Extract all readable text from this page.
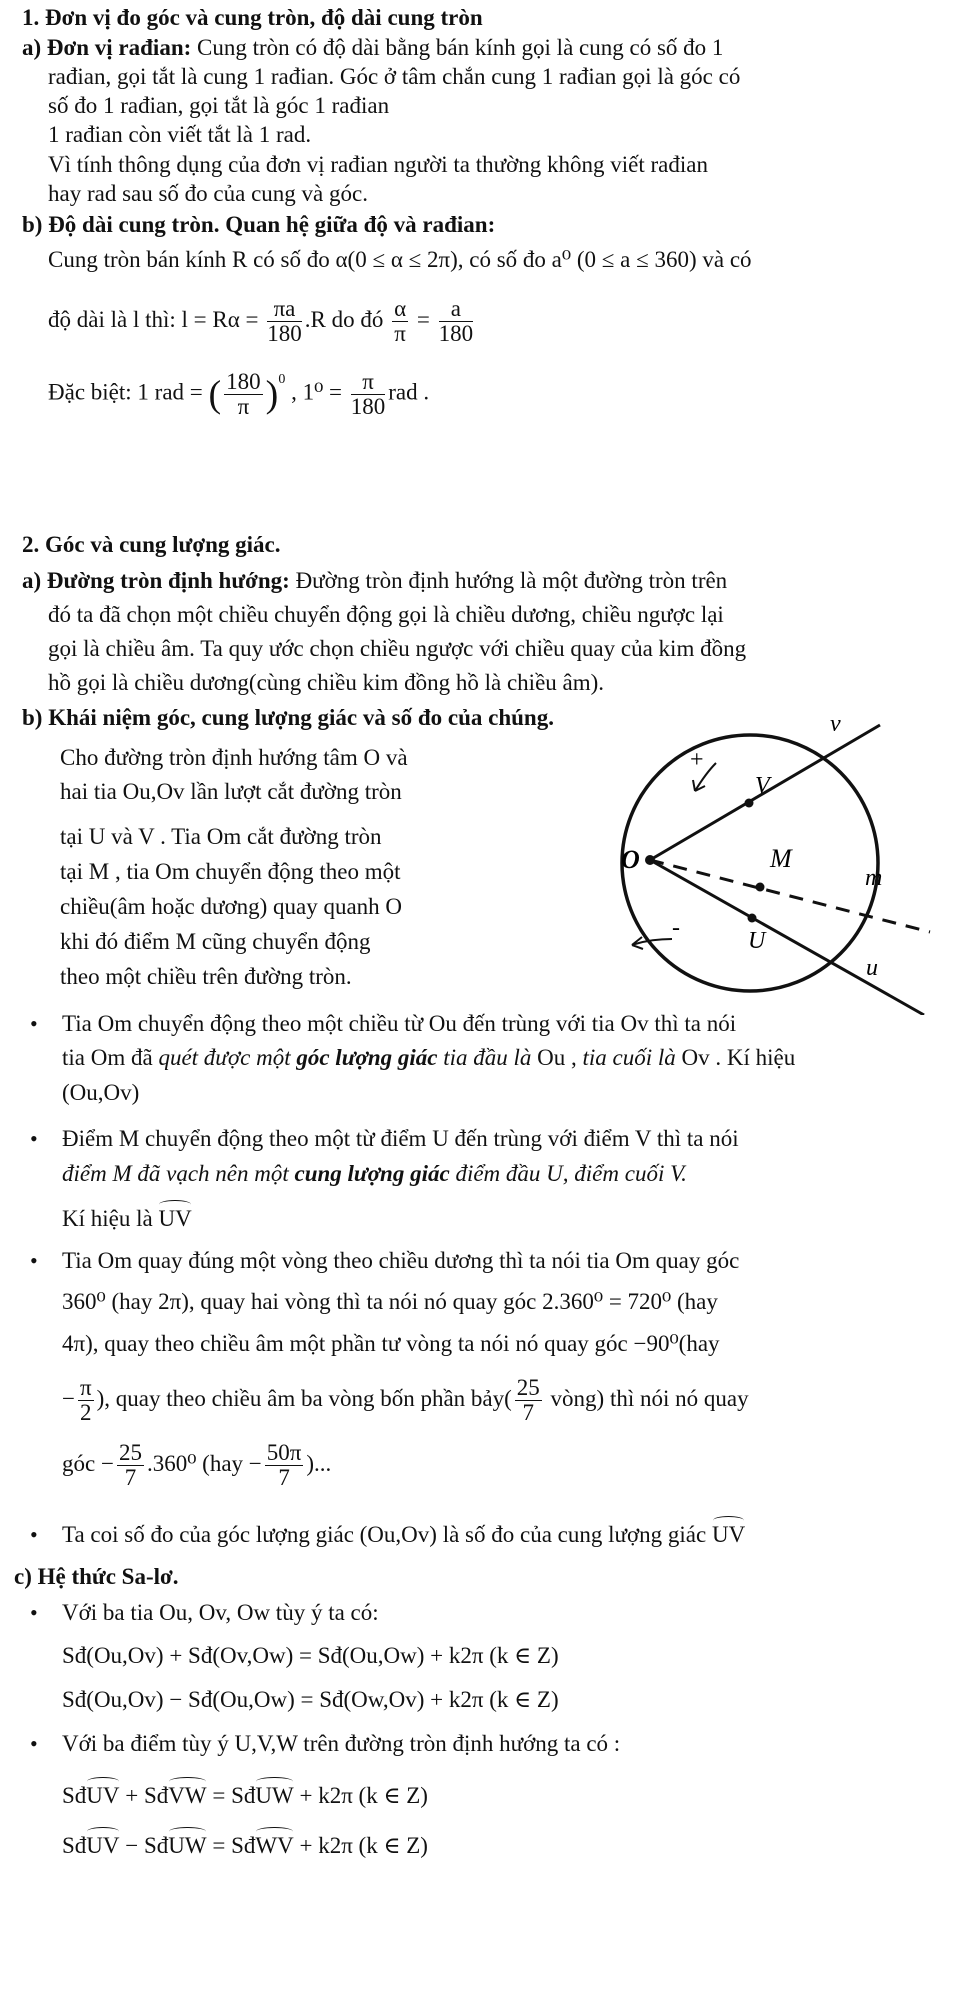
1. Đơn vị đo góc và cung tròn, độ dài cung tròn
a) Đơn vị rađian: Cung tròn có độ dài bằng bán kính gọi là cung có số đo 1
rađian, gọi tắt là cung 1 rađian. Góc ở tâm chắn cung 1 rađian gọi là góc có
số đo 1 rađian, gọi tắt là góc 1 rađian
1 rađian còn viết tắt là 1 rad.
Vì tính thông dụng của đơn vị rađian người ta thường không viết rađian
hay rad sau số đo của cung và góc.
b) Độ dài cung tròn. Quan hệ giữa độ và rađian:
Cung tròn bán kính R có số đo α(0 ≤ α ≤ 2π), có số đo a⁰ (0 ≤ a ≤ 360) và có
độ dài là l thì: $l = R\alpha = \frac{\pi a}{180} .R$ do đó $\frac{\alpha}{\pi} = \frac{a}{180}$
Đặc biệt: 1 rad = ( $\frac{180}{\pi} )^0$ , $1^0 = \frac{\pi}{180}$ rad .
2. Góc và cung lượng giác.
a) Đường tròn định hướng: Đường tròn định hướng là một đường tròn trên
đó ta đã chọn một chiều chuyển động gọi là chiều dương, chiều ngược lại
gọi là chiều âm. Ta quy ước chọn chiều ngược với chiều quay của kim đồng
hồ gọi là chiều dương(cùng chiều kim đồng hồ là chiều âm).
b) Khái niệm góc, cung lượng giác và số đo của chúng.
Cho đường tròn định hướng tâm O và
hai tia Ou,Ov lần lượt cắt đường tròn
tại U và V . Tia Om cắt đường tròn
tại M , tia Om chuyển động theo một
chiều(âm hoặc dương) quay quanh O
khi đó điểm M cũng chuyển động
theo một chiều trên đường tròn.
+
-
v
V
O	M
m
U
u
• Tia Om chuyển động theo một chiều từ Ou đến trùng với tia Ov thì ta nói
tia Om đã quét được một góc lượng giác tia đầu là Ou , tia cuối là Ov . Kí hiệu
(Ou,Ov)
• Điểm M chuyển động theo một từ điểm U đến trùng với điểm V thì ta nói
điểm M đã vạch nên một cung lượng giác điểm đầu U, điểm cuối V.
Kí hiệu là UV
• Tia Om quay đúng một vòng theo chiều dương thì ta nói tia Om quay góc
360⁰ (hay 2π), quay hai vòng thì ta nói nó quay góc 2.360⁰ = 720⁰ (hay
4π), quay theo chiều âm một phần tư vòng ta nói nó quay góc −90⁰(hay
− $\frac{\pi}{2}$ ), quay theo chiều âm ba vòng bốn phần bảy( $\frac{25}{7}$ vòng) thì nói nó quay
góc − $\frac{25}{7} .360^0$ ($hay - \frac{50\pi}{7}$ )...
• Ta coi số đo của góc lượng giác (Ou,Ov) là số đo của cung lượng giác UV
c) Hệ thức Sa-lơ.
• Với ba tia Ou, Ov, Ow tùy ý ta có:
Sđ(Ou,Ov) + Sđ(Ov,Ow) = Sđ(Ou,Ow) + k2π (k ∈ Z)
Sđ(Ou,Ov) − Sđ(Ou,Ow) = Sđ(Ow,Ov) + k2π (k ∈ Z)
• Với ba điểm tùy ý U,V,W trên đường tròn định hướng ta có :
SđUV + SđVW = SđUW + k2π (k ∈ Z)
SđUV − SđUW = SđWV + k2π (k ∈ Z)
